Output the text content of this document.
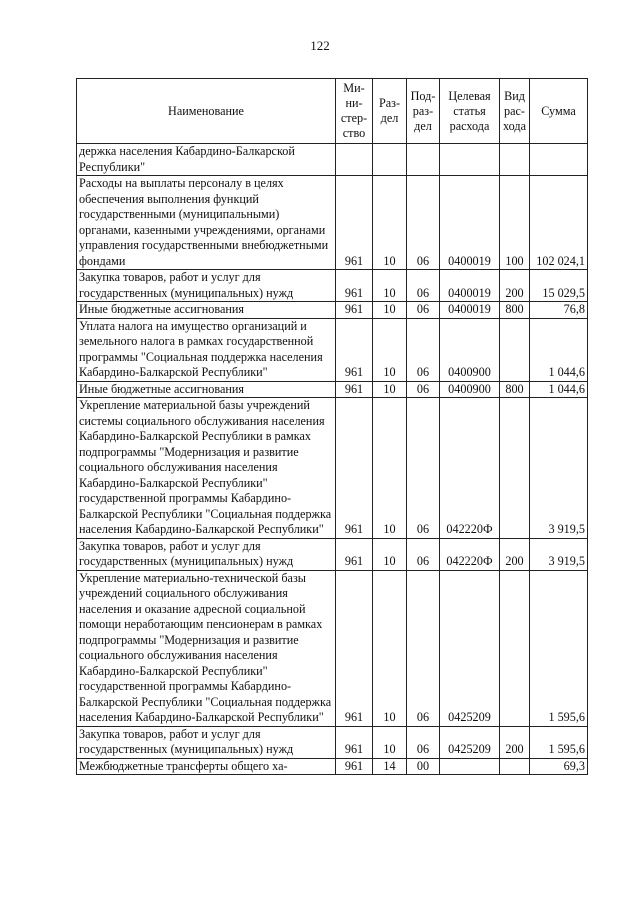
122
Наименование	Ми-ни-стер-ство	Раз-дел	Под-раз-дел	Целевая статья расхода	Вид рас-хода	Сумма
держка населения Кабардино-Балкарской Республики"						
Расходы на выплаты персоналу в целях обеспечения выполнения функций государственными (муниципальными) органами, казенными учреждениями, органами управления государственными внебюджетными фондами	961	10	06	0400019	100	102 024,1
Закупка товаров, работ и услуг для государственных (муниципальных) нужд	961	10	06	0400019	200	15 029,5
Иные бюджетные ассигнования	961	10	06	0400019	800	76,8
Уплата налога на имущество организаций и земельного налога в рамках государственной программы "Социальная поддержка населения Кабардино-Балкарской Республики"	961	10	06	0400900		1 044,6
Иные бюджетные ассигнования	961	10	06	0400900	800	1 044,6
Укрепление материальной базы учреждений системы социального обслуживания населения Кабардино-Балкарской Республики в рамках подпрограммы "Модернизация и развитие социального обслуживания населения Кабардино-Балкарской Республики" государственной программы Кабардино-Балкарской Республики "Социальная поддержка населения Кабардино-Балкарской Республики"	961	10	06	042220Ф		3 919,5
Закупка товаров, работ и услуг для государственных (муниципальных) нужд	961	10	06	042220Ф	200	3 919,5
Укрепление материально-технической базы учреждений социального обслуживания населения и оказание адресной социальной помощи неработающим пенсионерам в рамках подпрограммы "Модернизация и развитие социального обслуживания населения Кабардино-Балкарской Республики" государственной программы Кабардино-Балкарской Республики "Социальная поддержка населения Кабардино-Балкарской Республики"	961	10	06	0425209		1 595,6
Закупка товаров, работ и услуг для государственных (муниципальных) нужд	961	10	06	0425209	200	1 595,6
Межбюджетные трансферты общего ха-	961	14	00			69,3
